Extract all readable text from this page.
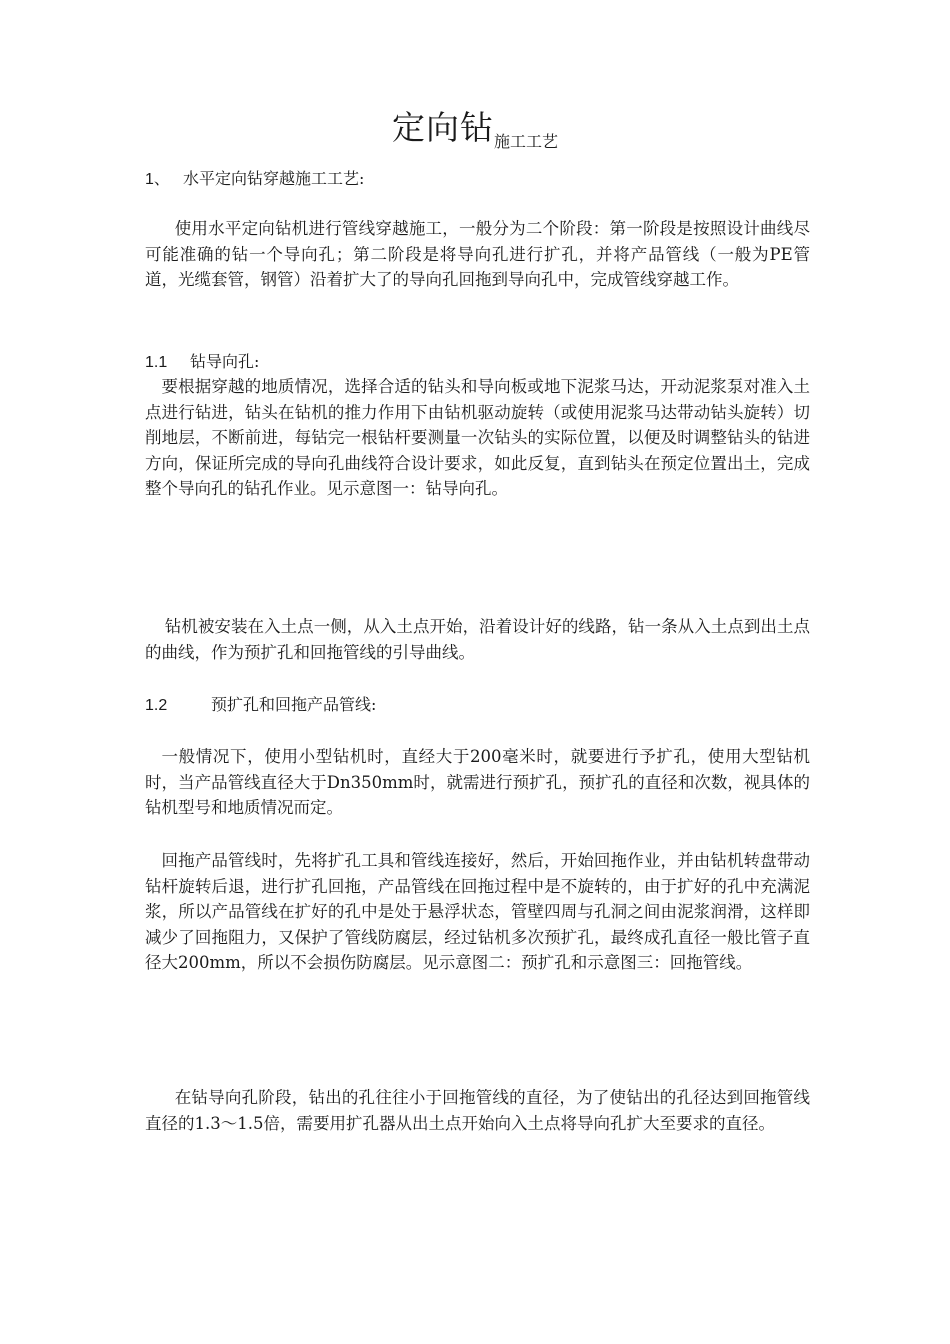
定向钻施工工艺
1、 水平定向钻穿越施工工艺:

使用水平定向钻机进行管线穿越施工，一般分为二个阶段：第一阶段是按照设计曲线尽可能准确的钻一个导向孔；第二阶段是将导向孔进行扩孔，并将产品管线（一般为PE管道，光缆套管，钢管）沿着扩大了的导向孔回拖到导向孔中，完成管线穿越工作。

1.1 钻导向孔:

要根据穿越的地质情况，选择合适的钻头和导向板或地下泥浆马达，开动泥浆泵对准入土点进行钻进，钻头在钻机的推力作用下由钻机驱动旋转（或使用泥浆马达带动钻头旋转）切削地层，不断前进，每钻完一根钻杆要测量一次钻头的实际位置，以便及时调整钻头的钻进方向，保证所完成的导向孔曲线符合设计要求，如此反复，直到钻头在预定位置出土，完成整个导向孔的钻孔作业。见示意图一：钻导向孔。

钻机被安装在入土点一侧，从入土点开始，沿着设计好的线路，钻一条从入土点到出土点的曲线，作为预扩孔和回拖管线的引导曲线。

1.2	预扩孔和回拖产品管线:

一般情况下，使用小型钻机时，直经大于200毫米时，就要进行予扩孔，使用大型钻机时，当产品管线直径大于Dn350mm时，就需进行预扩孔，预扩孔的直径和次数，视具体的钻机型号和地质情况而定。

回拖产品管线时，先将扩孔工具和管线连接好，然后，开始回拖作业，并由钻机转盘带动钻杆旋转后退，进行扩孔回拖，产品管线在回拖过程中是不旋转的，由于扩好的孔中充满泥浆，所以产品管线在扩好的孔中是处于悬浮状态，管壁四周与孔洞之间由泥浆润滑，这样即减少了回拖阻力，又保护了管线防腐层，经过钻机多次预扩孔，最终成孔直径一般比管子直径大200mm，所以不会损伤防腐层。见示意图二：预扩孔和示意图三：回拖管线。

在钻导向孔阶段，钻出的孔往往小于回拖管线的直径，为了使钻出的孔径达到回拖管线直径的1.3～1.5倍，需要用扩孔器从出土点开始向入土点将导向孔扩大至要求的直径。
